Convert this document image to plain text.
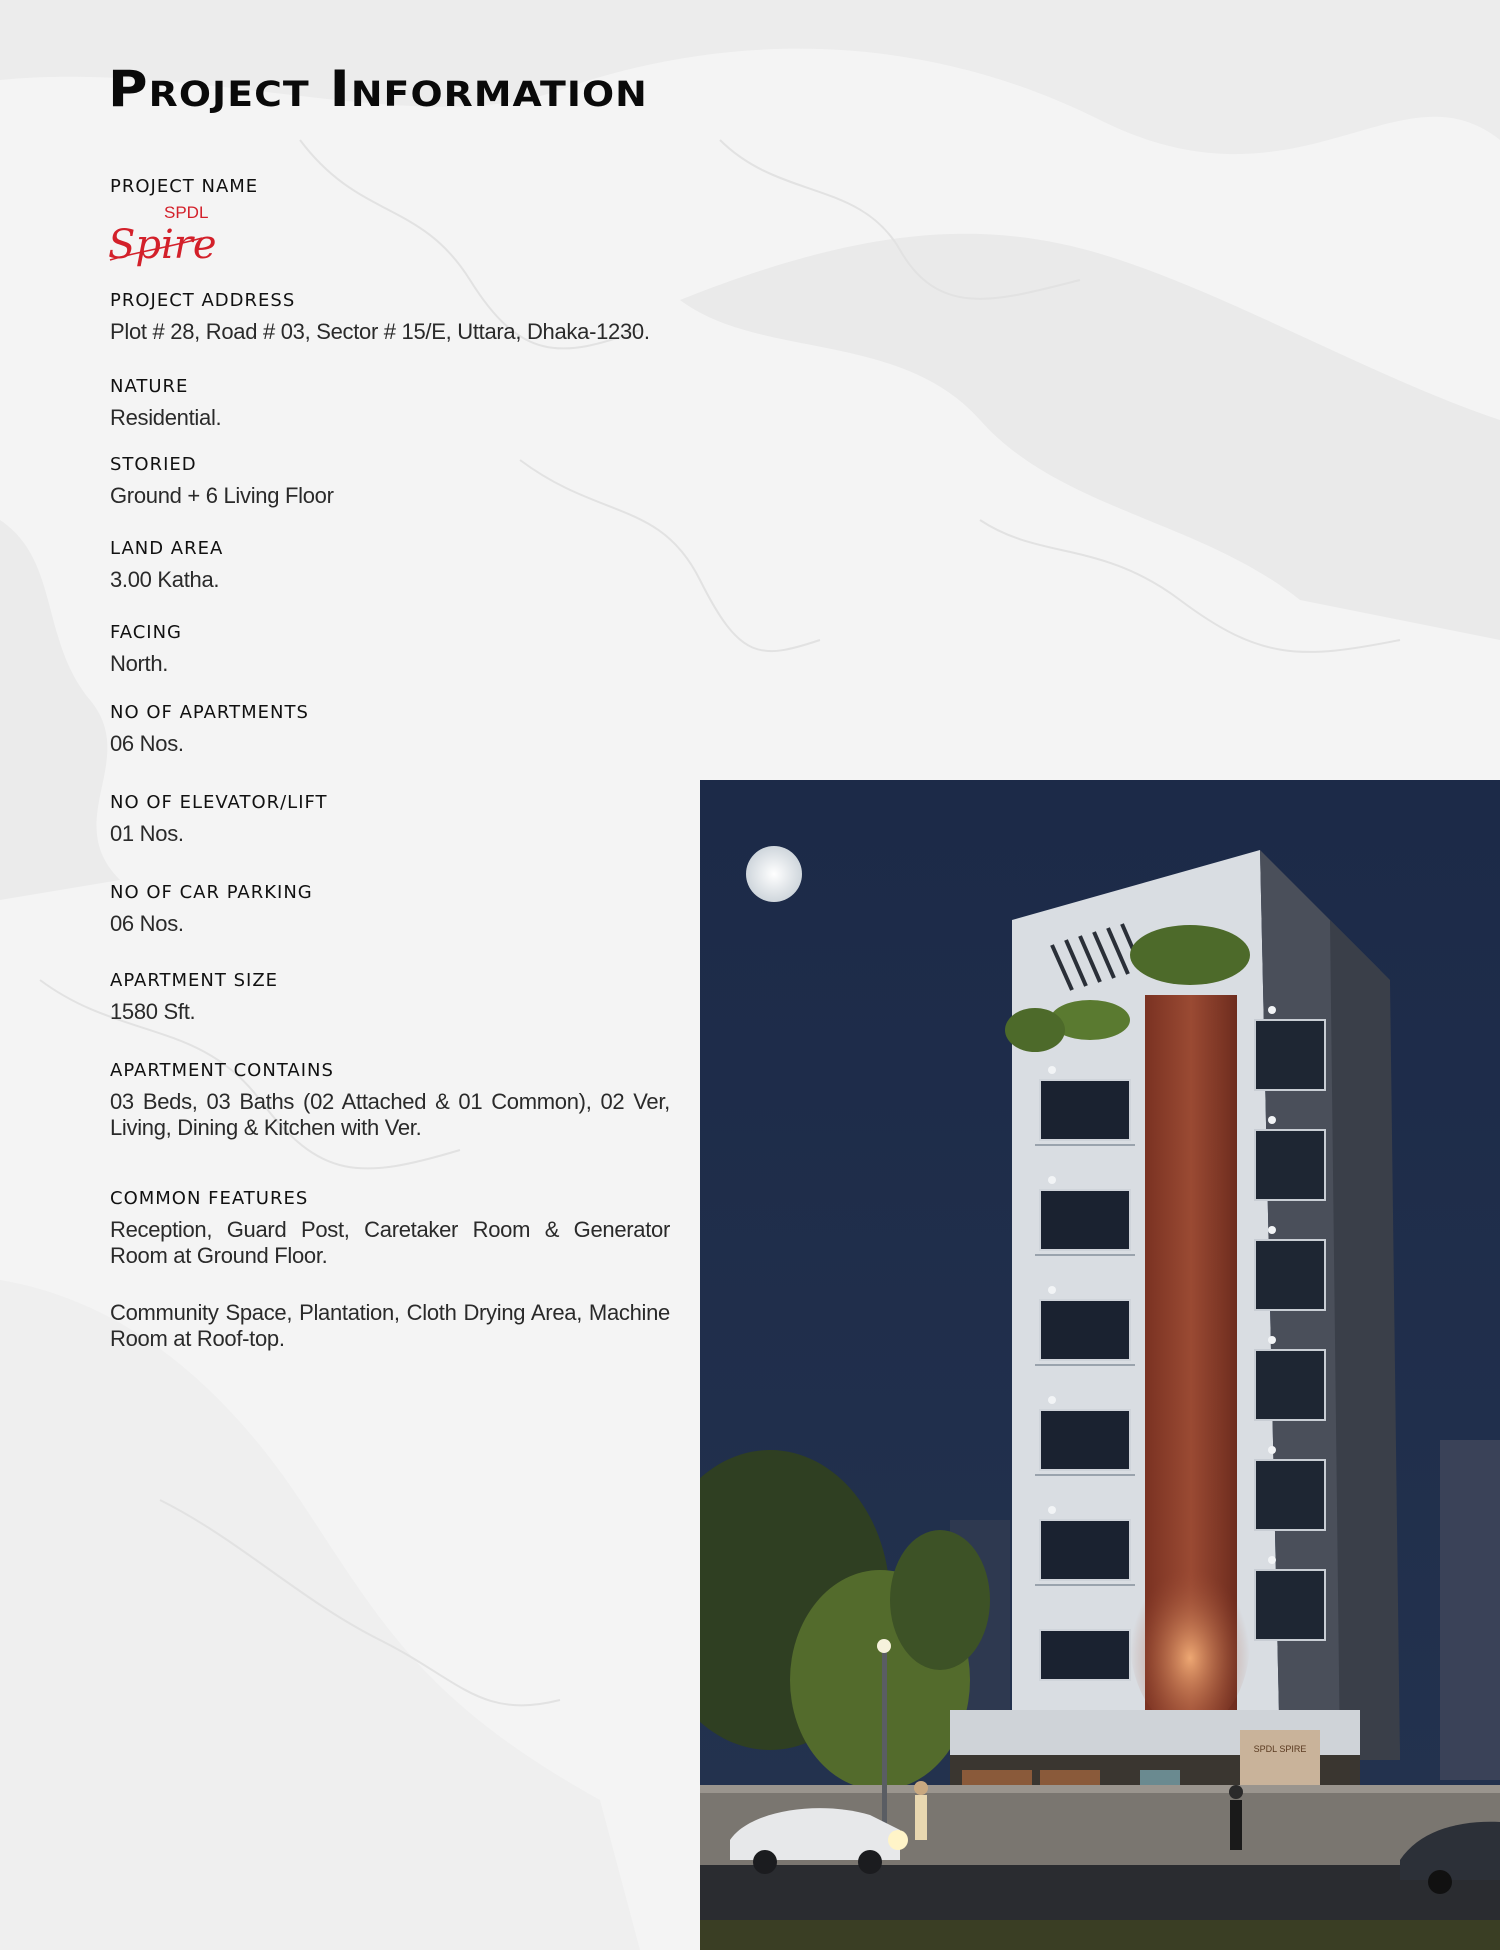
Project Information
PROJECT NAME
SPDL
Spire
PROJECT ADDRESS
Plot # 28, Road # 03, Sector # 15/E, Uttara, Dhaka-1230.
NATURE
Residential.
STORIED
Ground + 6 Living Floor
LAND AREA
3.00 Katha.
FACING
North.
NO OF APARTMENTS
06 Nos.
NO OF ELEVATOR/LIFT
01 Nos.
NO OF CAR PARKING
06 Nos.
APARTMENT SIZE
1580 Sft.
APARTMENT CONTAINS
03 Beds, 03 Baths (02 Attached & 01 Common), 02 Ver, Living, Dining & Kitchen with Ver.
COMMON FEATURES
Reception, Guard Post, Caretaker Room & Generator Room at Ground Floor.
Community Space, Plantation, Cloth Drying Area, Machine Room at Roof-top.
SPDL SPIRE
